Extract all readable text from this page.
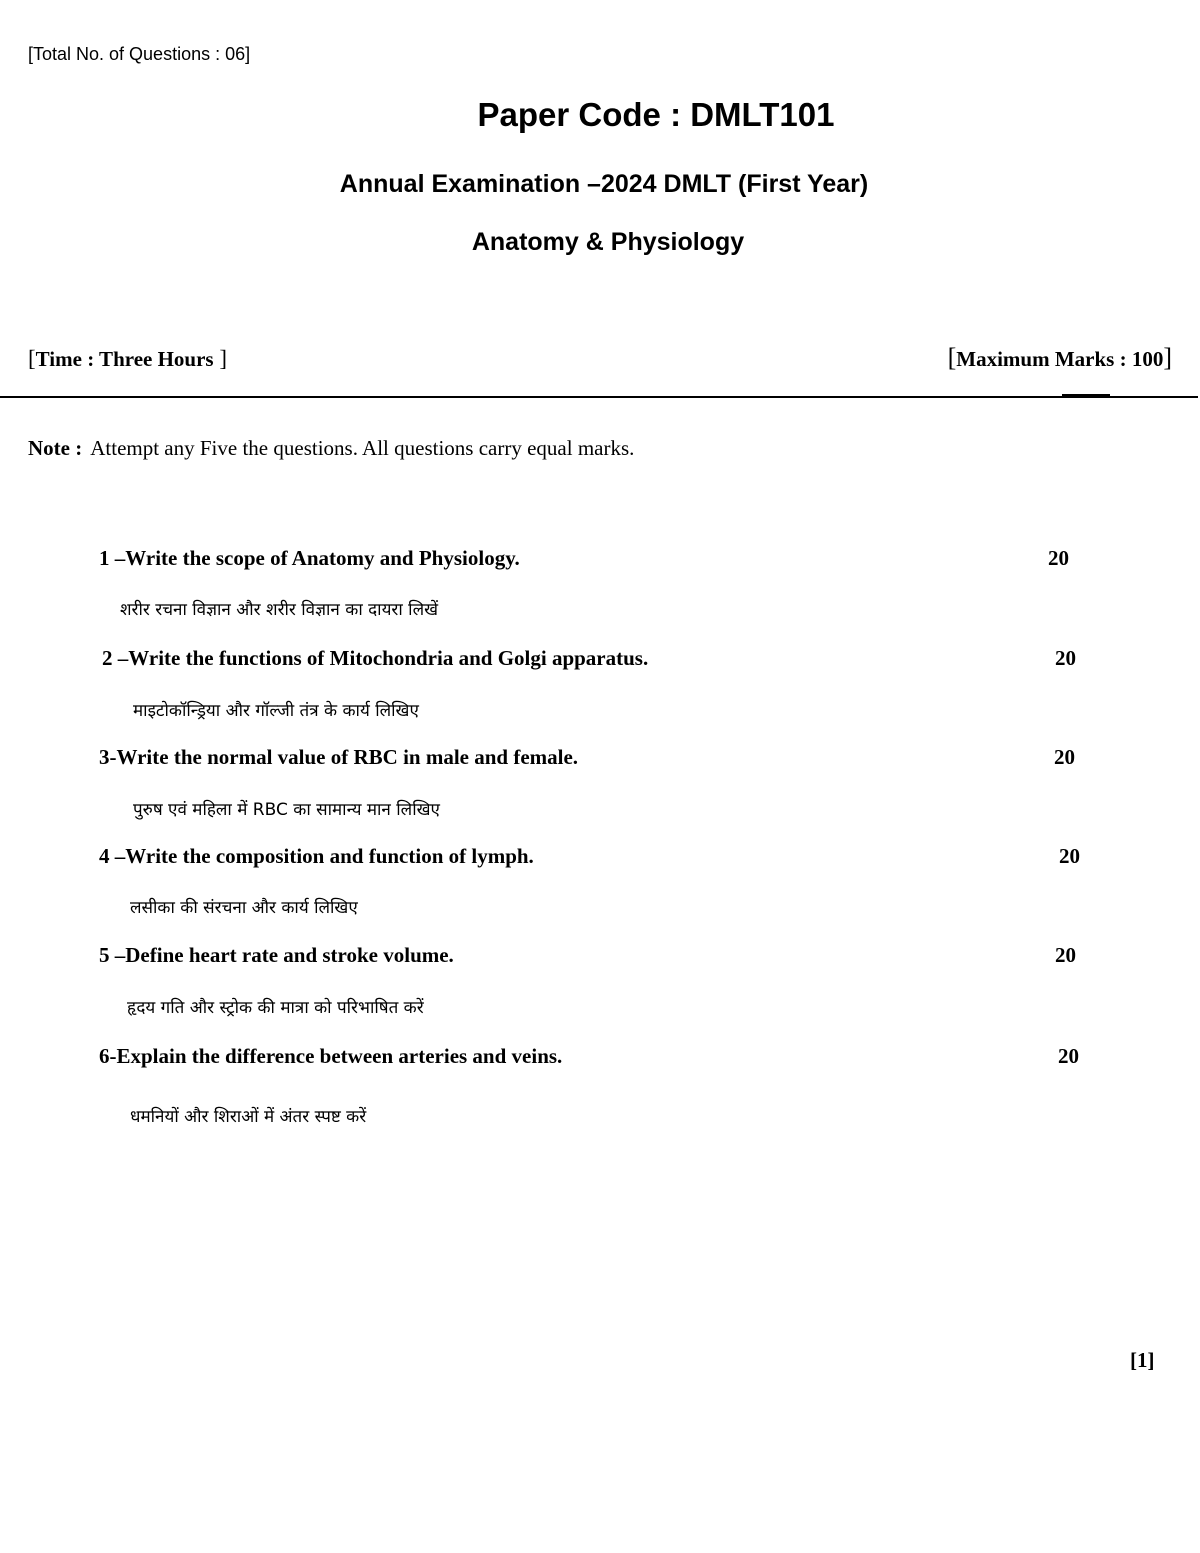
[Total No. of Questions : 06]
Paper Code : DMLT101
Annual Examination –2024 DMLT (First Year)
Anatomy & Physiology
[Time : Three Hours ]	[Maximum Marks : 100]
Note : Attempt any Five the questions. All questions carry equal marks.
1 –Write the scope of Anatomy and Physiology.	20
शरीर रचना विज्ञान और शरीर विज्ञान का दायरा लिखें
2 –Write the functions of Mitochondria and Golgi apparatus.	20
माइटोकॉन्ड्रिया और गॉल्जी तंत्र के कार्य लिखिए
3-Write the normal value of RBC in male and female.	20
पुरुष एवं महिला में RBC का सामान्य मान लिखिए
4 –Write the composition and function of lymph.	20
लसीका की संरचना और कार्य लिखिए
5 –Define heart rate and stroke volume.	20
हृदय गति और स्ट्रोक की मात्रा को परिभाषित करें
6-Explain the difference between arteries and veins.	20
धमनियों और शिराओं में अंतर स्पष्ट करें
[1]
